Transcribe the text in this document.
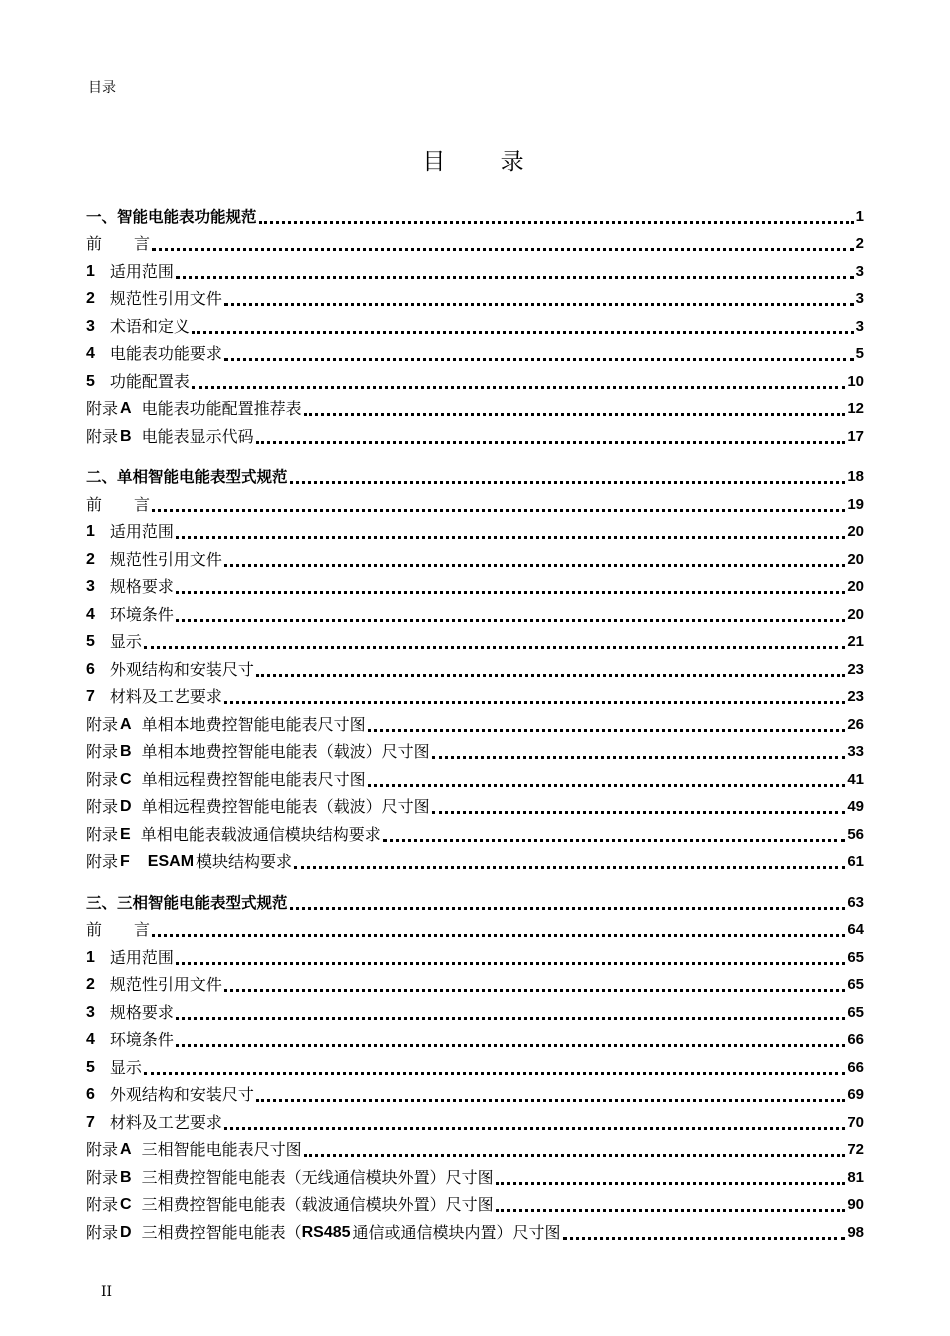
目录
目 录
一、智能电能表功能规范	1
前 言	2
1 适用范围	3
2 规范性引用文件	3
3 术语和定义	3
4 电能表功能要求	5
5 功能配置表	10
附录 A 电能表功能配置推荐表	12
附录 B 电能表显示代码	17
二、单相智能电能表型式规范	18
前 言	19
1 适用范围	20
2 规范性引用文件	20
3 规格要求	20
4 环境条件	20
5 显示	21
6 外观结构和安装尺寸	23
7 材料及工艺要求	23
附录 A 单相本地费控智能电能表尺寸图	26
附录 B 单相本地费控智能电能表（载波）尺寸图	33
附录 C 单相远程费控智能电能表尺寸图	41
附录 D 单相远程费控智能电能表（载波）尺寸图	49
附录 E 单相电能表载波通信模块结构要求	56
附录 F ESAM 模块结构要求	61
三、三相智能电能表型式规范	63
前 言	64
1 适用范围	65
2 规范性引用文件	65
3 规格要求	65
4 环境条件	66
5 显示	66
6 外观结构和安装尺寸	69
7 材料及工艺要求	70
附录 A 三相智能电能表尺寸图	72
附录 B 三相费控智能电能表（无线通信模块外置）尺寸图	81
附录 C 三相费控智能电能表（载波通信模块外置）尺寸图	90
附录 D 三相费控智能电能表（ RS485 通信或通信模块内置）尺寸图	98
II
